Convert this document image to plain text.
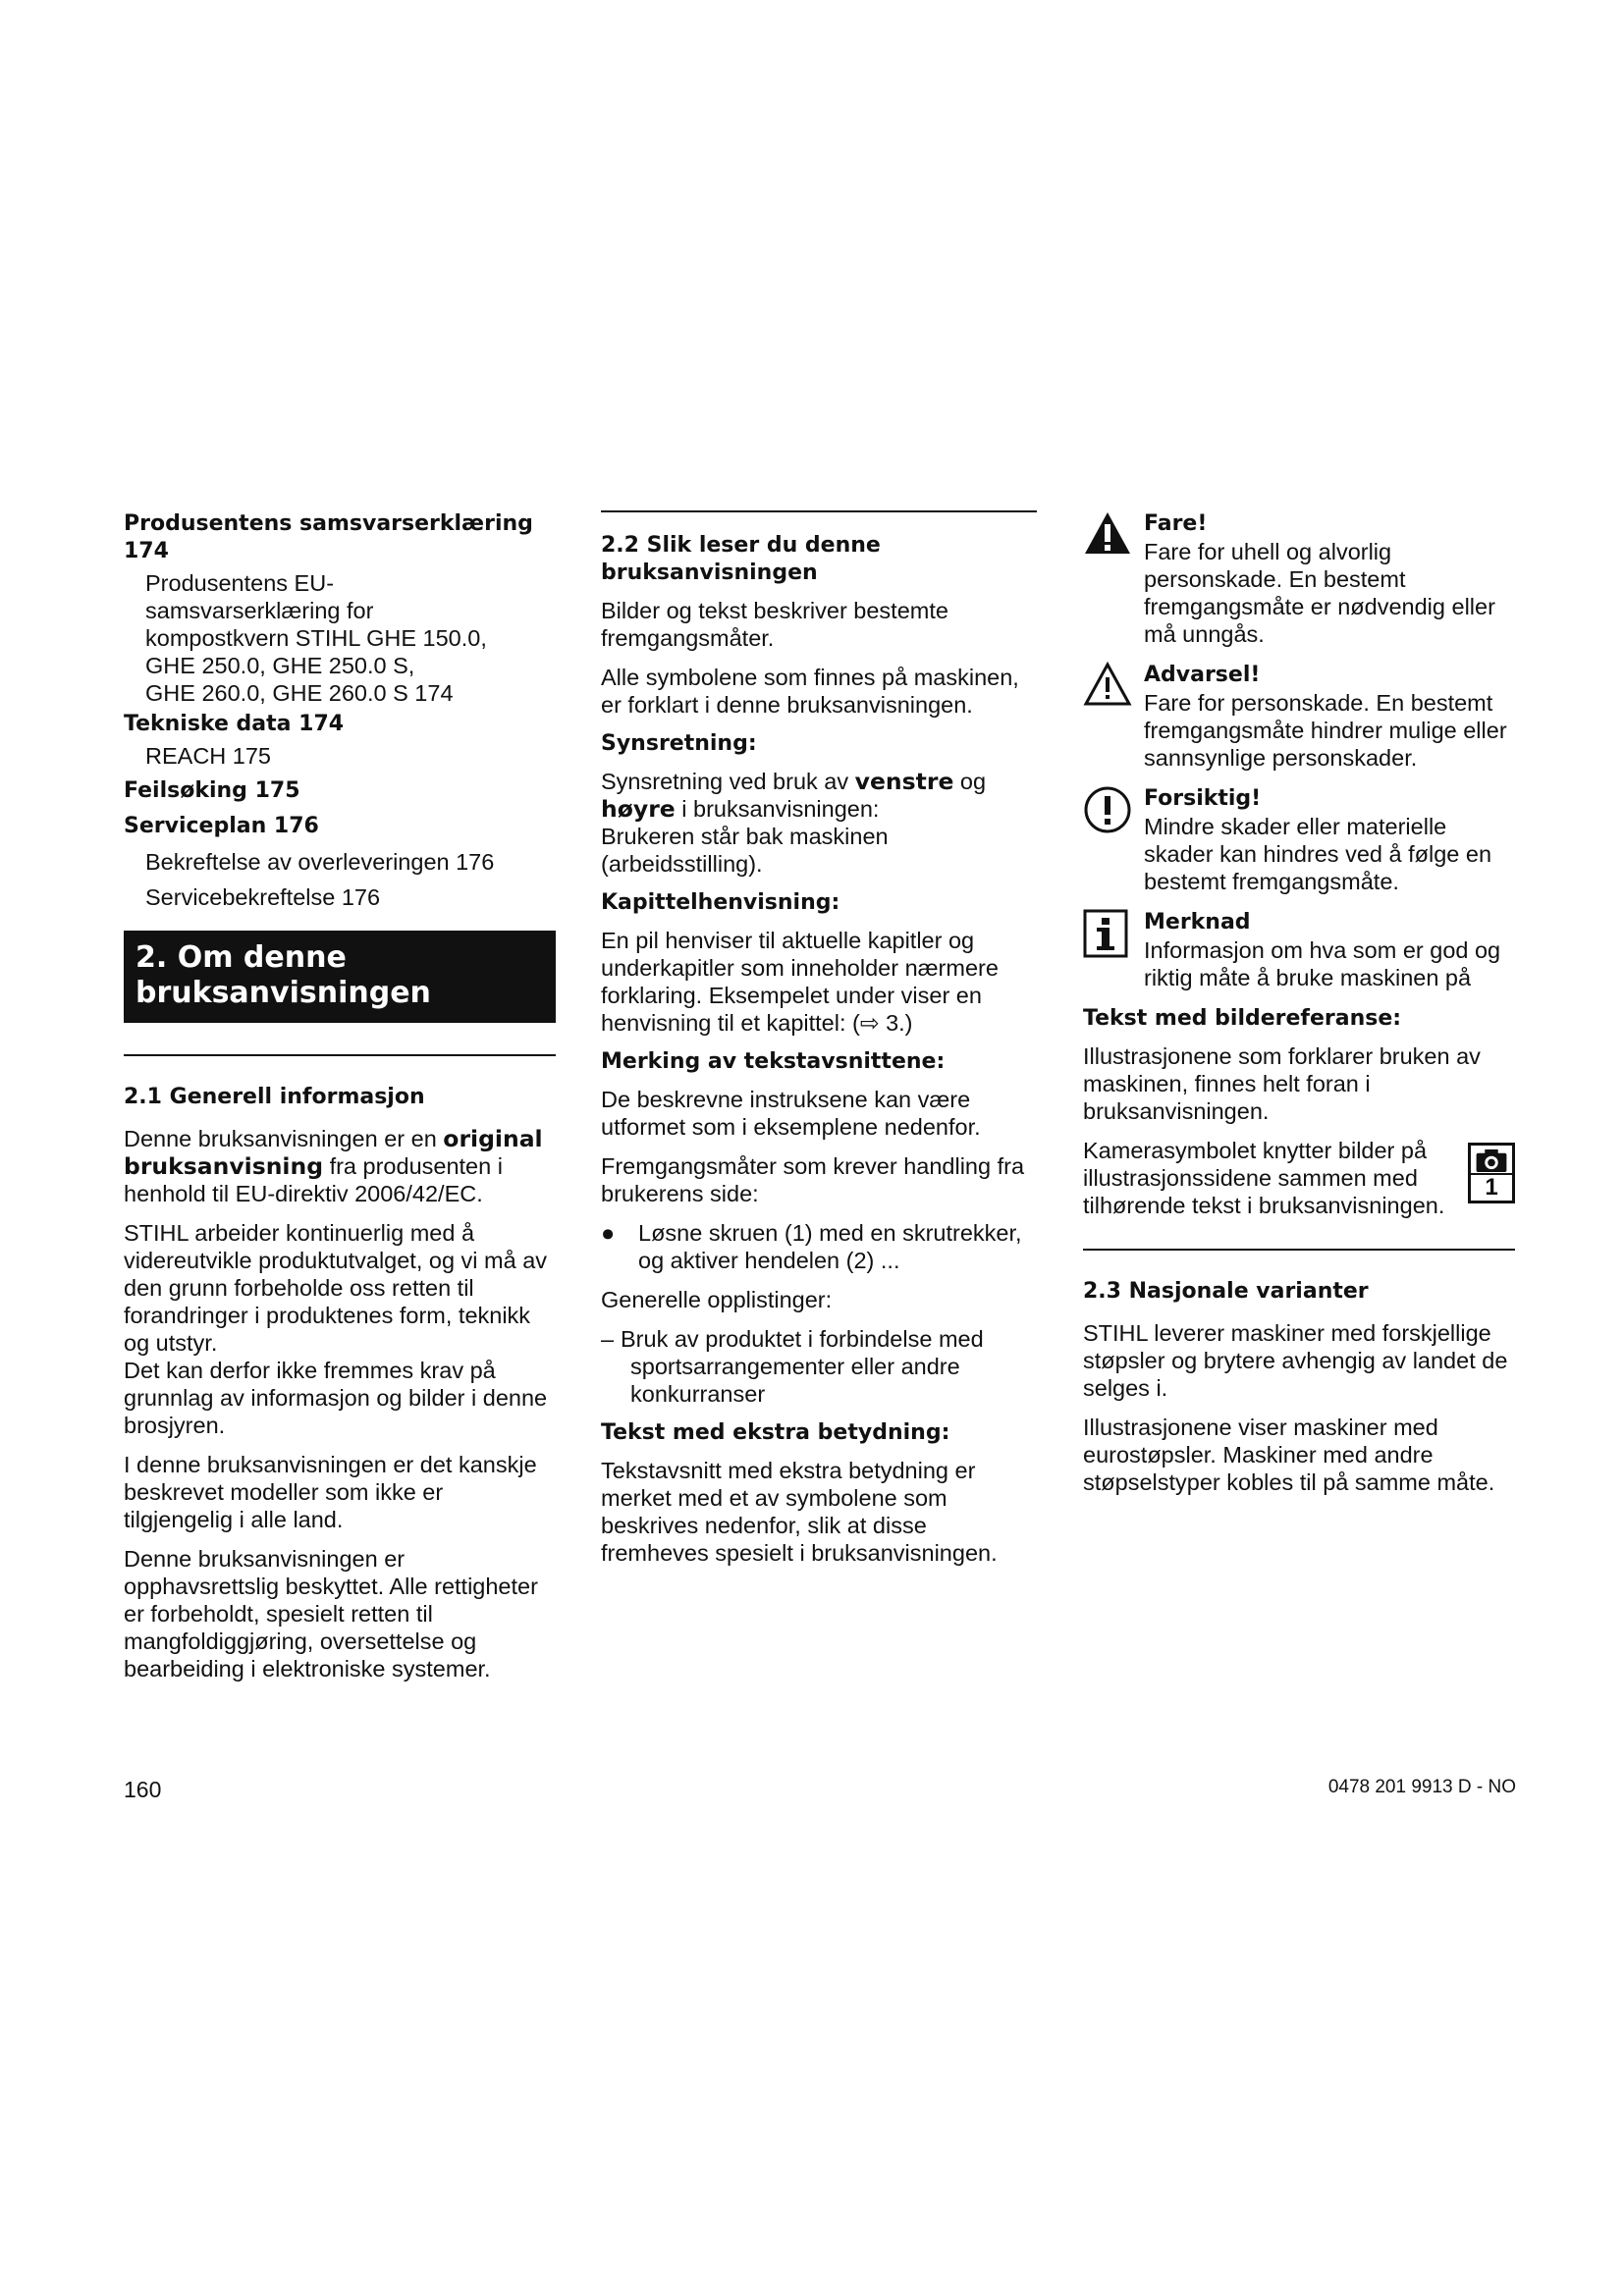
Produsentens samsvarserklæring 174
Produsentens EU-
samsvarserklæring for
kompostkvern STIHL GHE 150.0,
GHE 250.0, GHE 250.0 S,
GHE 260.0, GHE 260.0 S 174
Tekniske data 174
REACH 175
Feilsøking 175
Serviceplan 176
Bekreftelse av overleveringen 176
Servicebekreftelse 176
2. Om denne
bruksanvisningen
2.1 Generell informasjon

Denne bruksanvisningen er en original bruksanvisning fra produsenten i henhold til EU-direktiv 2006/42/EC.

STIHL arbeider kontinuerlig med å videreutvikle produktutvalget, og vi må av den grunn forbeholde oss retten til forandringer i produktenes form, teknikk og utstyr.

Det kan derfor ikke fremmes krav på grunnlag av informasjon og bilder i denne brosjyren.

I denne bruksanvisningen er det kanskje beskrevet modeller som ikke er tilgjengelig i alle land.

Denne bruksanvisningen er opphavsrettslig beskyttet. Alle rettigheter er forbeholdt, spesielt retten til mangfoldiggjøring, oversettelse og bearbeiding i elektroniske systemer.

2.2 Slik leser du denne
bruksanvisningen

Bilder og tekst beskriver bestemte fremgangsmåter.

Alle symbolene som finnes på maskinen, er forklart i denne bruksanvisningen.

Synsretning:

Synsretning ved bruk av venstre og høyre i bruksanvisningen:

Brukeren står bak maskinen (arbeidsstilling).

Kapittelhenvisning:

En pil henviser til aktuelle kapitler og underkapitler som inneholder nærmere forklaring. Eksempelet under viser en henvisning til et kapittel: (⇨ 3.)

Merking av tekstavsnittene:

De beskrevne instruksene kan være utformet som i eksemplene nedenfor.

Fremgangsmåter som krever handling fra brukerens side:

●	Løsne skruen (1) med en skrutrekker, og aktiver hendelen (2) ...

Generelle opplistinger:

– Bruk av produktet i forbindelse med sportsarrangementer eller andre konkurranser
Tekst med ekstra betydning:

Tekstavsnitt med ekstra betydning er merket med et av symbolene som beskrives nedenfor, slik at disse fremheves spesielt i bruksanvisningen.

Fare!
Fare for uhell og alvorlig personskade. En bestemt fremgangsmåte er nødvendig eller må unngås.
Advarsel!
Fare for personskade. En bestemt fremgangsmåte hindrer mulige eller sannsynlige personskader.
Forsiktig!
Mindre skader eller materielle skader kan hindres ved å følge en bestemt fremgangsmåte.
Merknad
Informasjon om hva som er god og riktig måte å bruke maskinen på
Tekst med bildereferanse:

Illustrasjonene som forklarer bruken av maskinen, finnes helt foran i bruksanvisningen.

Kamerasymbolet knytter bilder på illustrasjonssidene sammen med tilhørende tekst i bruksanvisningen.
1
2.3 Nasjonale varianter

STIHL leverer maskiner med forskjellige støpsler og brytere avhengig av landet de selges i.

Illustrasjonene viser maskiner med eurostøpsler. Maskiner med andre støpselstyper kobles til på samme måte.

160	0478 201 9913 D - NO
